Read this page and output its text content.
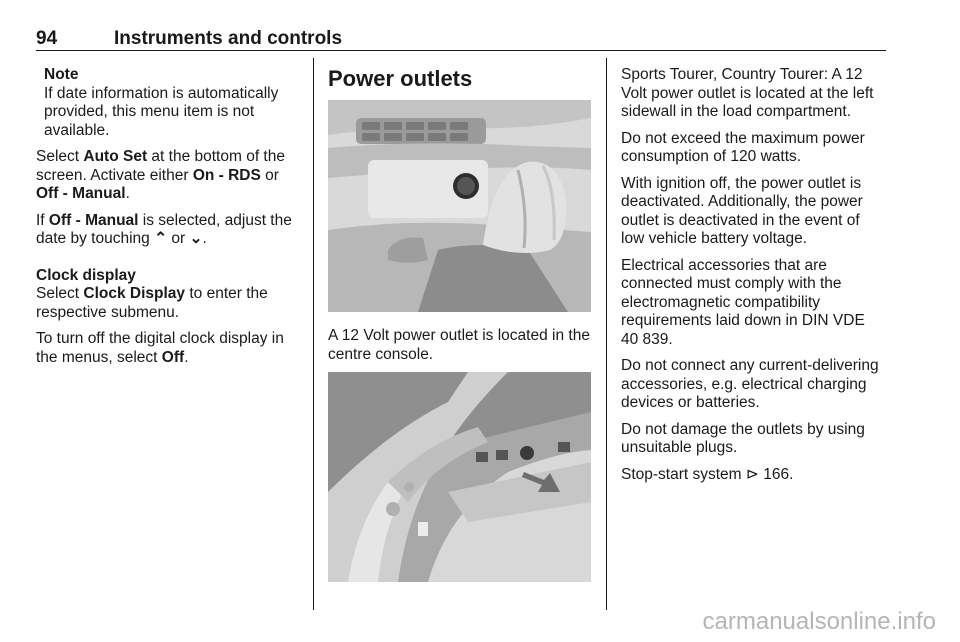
94	Instruments and controls
Note
If date information is automatically provided, this menu item is not available.

Select Auto Set at the bottom of the screen. Activate either On - RDS or Off - Manual.

If Off - Manual is selected, adjust the date by touching ⌃ or ⌄.

Clock display

Select Clock Display to enter the respective submenu.

To turn off the digital clock display in the menus, select Off.

Power outlets

A 12 Volt power outlet is located in the centre console.

Sports Tourer, Country Tourer: A 12 Volt power outlet is located at the left sidewall in the load compartment.

Do not exceed the maximum power consumption of 120 watts.

With ignition off, the power outlet is deactivated. Additionally, the power outlet is deactivated in the event of low vehicle battery voltage.

Electrical accessories that are connected must comply with the electromagnetic compatibility requirements laid down in DIN VDE 40 839.

Do not connect any current-delivering accessories, e.g. electrical charging devices or batteries.

Do not damage the outlets by using unsuitable plugs.

Stop-start system ⊳ 166.

carmanualsonline.info
